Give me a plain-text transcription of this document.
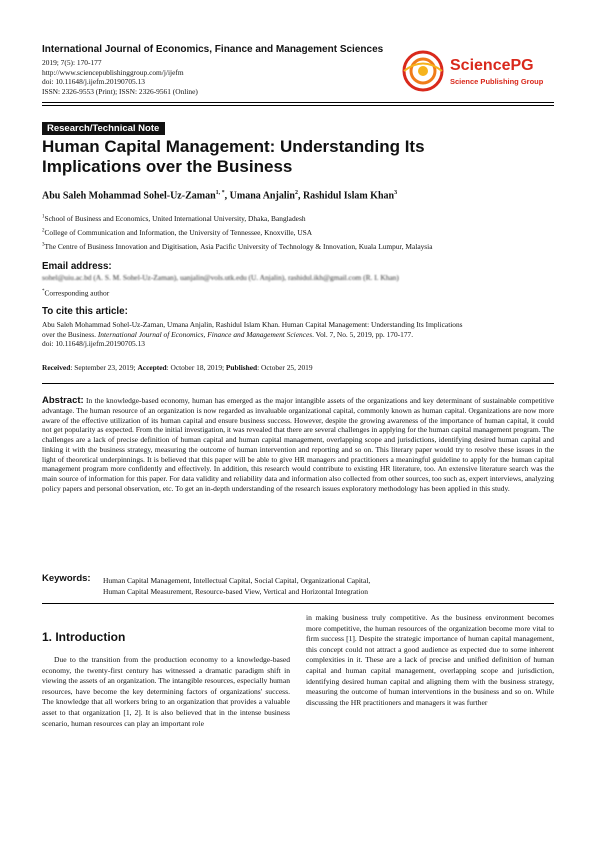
International Journal of Economics, Finance and Management Sciences
2019; 7(5): 170-177
http://www.sciencepublishinggroup.com/j/ijefm
doi: 10.11648/j.ijefm.20190705.13
ISSN: 2326-9553 (Print); ISSN: 2326-9561 (Online)
SciencePG
Science Publishing Group
Research/Technical Note
Human Capital Management: Understanding Its
Implications over the Business
Abu Saleh Mohammad Sohel-Uz-Zaman$^{1, *}$, Umana Anjalin$^2$, Rashidul Islam Khan$^3$
$^1$School of Business and Economics, United International University, Dhaka, Bangladesh
$^2$College of Communication and Information, the University of Tennessee, Knoxville, USA
$^3$The Centre of Business Innovation and Digitisation, Asia Pacific University of Technology & Innovation, Kuala Lumpur, Malaysia
Email address:
sohel@uiu.ac.bd (A. S. M. Sohel-Uz-Zaman), uanjalin@vols.utk.edu (U. Anjalin), rashidul.ikh@gmail.com (R. I. Khan)
*Corresponding author
To cite this article:
Abu Saleh Mohammad Sohel-Uz-Zaman, Umana Anjalin, Rashidul Islam Khan. Human Capital Management: Understanding Its Implications
over the Business. International Journal of Economics, Finance and Management Sciences. Vol. 7, No. 5, 2019, pp. 170-177.
doi: 10.11648/j.ijefm.20190705.13
Received: September 23, 2019; Accepted: October 18, 2019; Published: October 25, 2019
Abstract: In the knowledge-based economy, human has emerged as the major intangible assets of the organizations and key determinant of sustainable competitive advantage. The human resource of an organization is now regarded as invaluable organizational capital, commonly known as human capital. Organizations are now more aware of the effective utilization of its human capital and ensure business success. However, despite the growing awareness of the importance of human capital, it could not get popularity as expected. From the initial investigation, it was revealed that there are several challenges in applying for the human capital management program. The challenges are a lack of precise definition of human capital and human capital management, overlapping scope and jurisdictions, identifying desired human capital and linking it with the business strategy, measuring the outcome of human intervention and reporting and so on. This literary paper would try to resolve these issues in the light of theoretical underpinnings. It is believed that this paper will be able to give HR managers and practitioners a meaningful guideline to apply for the human capital management program more confidently and effectively. In addition, this research would contribute to existing HR literature, too. An extensive literature search was the main source of information for this paper. For data validity and reliability data and information also collected from other sources, too such as, expert interviews, analyzing policy papers and personal observation, etc. To get an in-depth understanding of the research issues exploratory methodology has been applied in this study.
Keywords: Human Capital Management, Intellectual Capital, Social Capital, Organizational Capital,
Human Capital Measurement, Resource-based View, Vertical and Horizontal Integration
1. Introduction
Due to the transition from the production economy to a knowledge-based economy, the twenty-first century has witnessed a dramatic paradigm shift in viewing the assets of an organization. The intangible resources, especially human resources, have become the key determining factors of organizations' success. The knowledge that all workers bring to an organization that provides a valuable asset to that organization [1, 2]. It is also believed that in the intense business scenario, human resources can play an important role
in making business truly competitive. As the business environment becomes more competitive, the human resources of the organization become more vital to firm success [1]. Despite the strategic importance of human capital management, this concept could not attract a good audience as expected due to some inherent complexities in it. These are a lack of precise and unified definition of human capital and human capital management, overlapping scope and jurisdiction, identifying desired human capital and aligning them with the business strategy, measuring the outcome of human interventions in the business and so on. While discussing the HR practitioners and managers it was further
